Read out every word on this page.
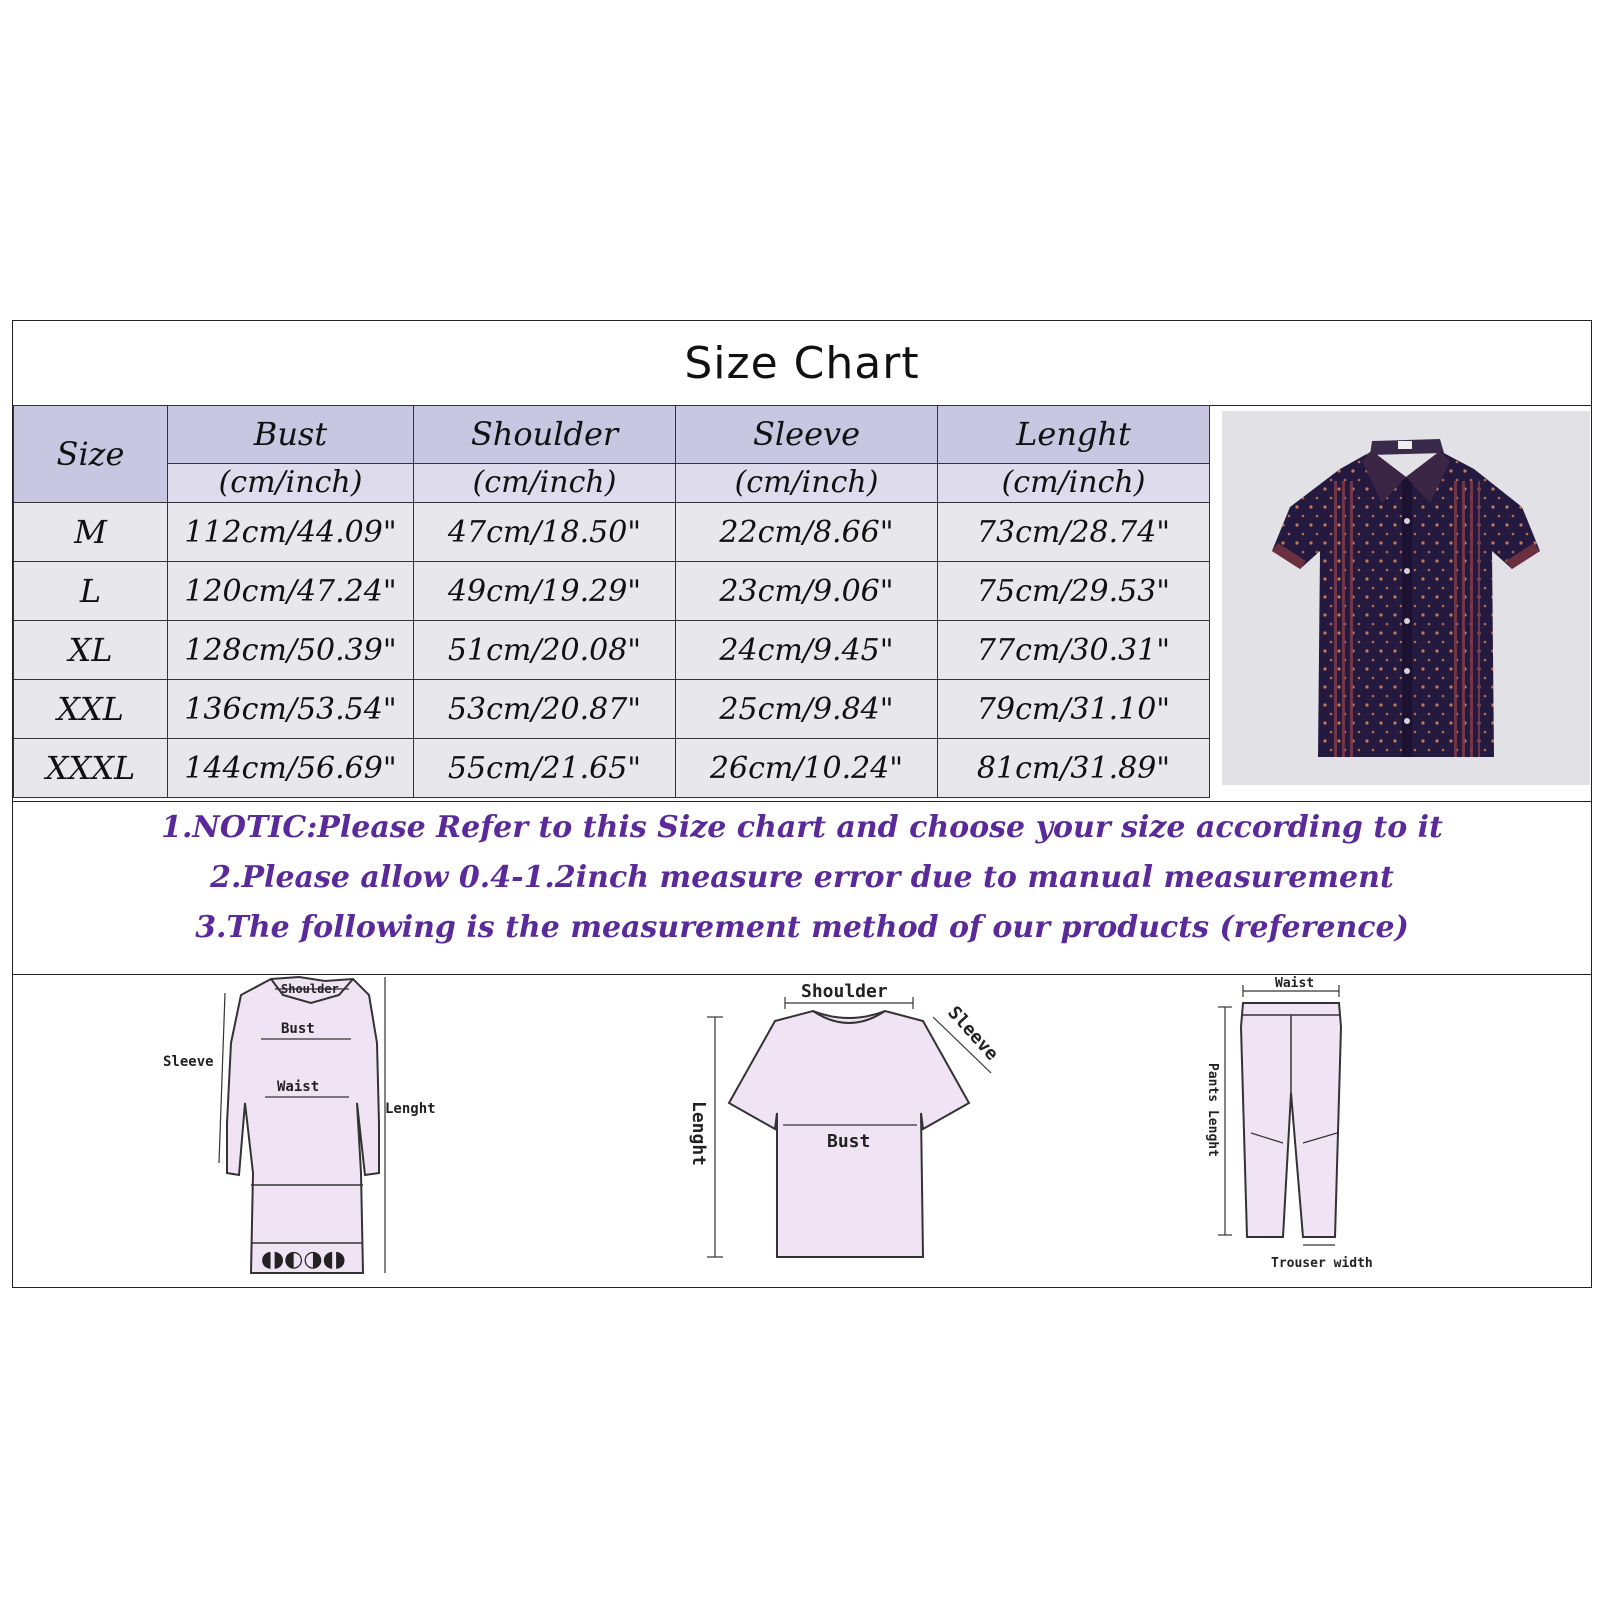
Size Chart
Size	Bust	Shoulder	Sleeve	Lenght
	(cm/inch)	(cm/inch)	(cm/inch)	(cm/inch)
M	112cm/44.09"	47cm/18.50"	22cm/8.66"	73cm/28.74"
L	120cm/47.24"	49cm/19.29"	23cm/9.06"	75cm/29.53"
XL	128cm/50.39"	51cm/20.08"	24cm/9.45"	77cm/30.31"
XXL	136cm/53.54"	53cm/20.87"	25cm/9.84"	79cm/31.10"
XXXL	144cm/56.69"	55cm/21.65"	26cm/10.24"	81cm/31.89"
1.NOTIC:Please Refer to this Size chart and choose your size according to it
2.Please allow 0.4-1.2inch measure error due to manual measurement
3.The following is the measurement method of our products (reference)
◖◗◐◑◖◗
Shoulder
Bust
Waist
Sleeve
Lenght
Shoulder
Sleeve
Lenght	Bust
Waist
Pants Lenght
Trouser width
